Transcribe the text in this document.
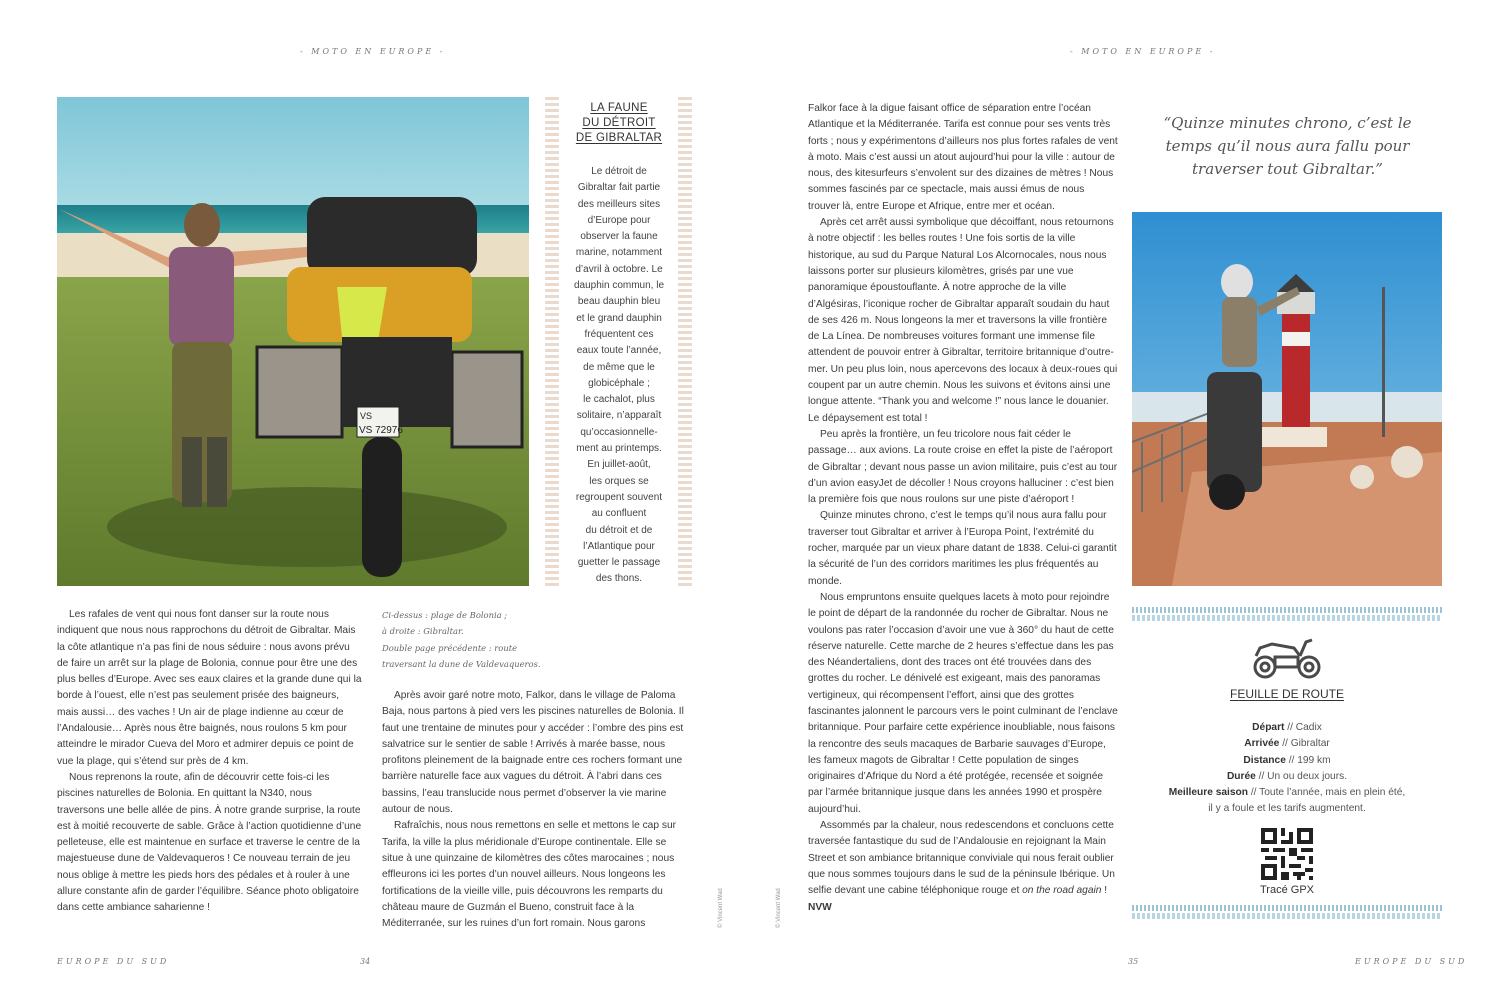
- MOTO EN EUROPE -	- MOTO EN EUROPE -
VS
VS 72976
LA FAUNE
DU DÉTROIT
DE GIBRALTAR
Le détroit de
Gibraltar fait partie
des meilleurs sites
d’Europe pour
observer la faune
marine, notamment
d’avril à octobre. Le
dauphin commun, le
beau dauphin bleu
et le grand dauphin
fréquentent ces
eaux toute l’année,
de même que le
globicéphale ;
le cachalot, plus
solitaire, n’apparaît
qu’occasionnelle-
ment au printemps.
En juillet-août,
les orques se
regroupent souvent
au confluent
du détroit et de
l’Atlantique pour
guetter le passage
des thons.

Les rafales de vent qui nous font danser sur la route nous indiquent que nous nous rapprochons du détroit de Gibraltar. Mais la côte atlantique n’a pas fini de nous séduire : nous avons prévu de faire un arrêt sur la plage de Bolonia, connue pour être une des plus belles d’Europe. Avec ses eaux claires et la grande dune qui la borde à l’ouest, elle n’est pas seulement prisée des baigneurs, mais aussi… des vaches ! Un air de plage indienne au cœur de l’Andalousie… Après nous être baignés, nous roulons 5 km pour atteindre le mirador Cueva del Moro et admirer depuis ce point de vue la plage, qui s’étend sur près de 4 km.

Nous reprenons la route, afin de découvrir cette fois-ci les piscines naturelles de Bolonia. En quittant la N340, nous traversons une belle allée de pins. À notre grande surprise, la route est à moitié recouverte de sable. Grâce à l’action quotidienne d’une pelleteuse, elle est maintenue en surface et traverse le centre de la majestueuse dune de Valdevaqueros ! Ce nouveau terrain de jeu nous oblige à mettre les pieds hors des pédales et à rouler à une allure constante afin de garder l’équilibre. Séance photo obligatoire dans cette ambiance saharienne !

Ci-dessus : plage de Bolonia ;
à droite : Gibraltar.
Double page précédente : route
traversant la dune de Valdevaqueros.

Après avoir garé notre moto, Falkor, dans le village de Paloma Baja, nous partons à pied vers les piscines naturelles de Bolonia. Il faut une trentaine de minutes pour y accéder : l’ombre des pins est salvatrice sur le sentier de sable ! Arrivés à marée basse, nous profitons pleinement de la baignade entre ces rochers formant une barrière naturelle face aux vagues du détroit. À l’abri dans ces bassins, l’eau translucide nous permet d’observer la vie marine autour de nous.

Rafraîchis, nous nous remettons en selle et mettons le cap sur Tarifa, la ville la plus méridionale d’Europe continentale. Elle se situe à une quinzaine de kilomètres des côtes marocaines ; nous effleurons ici les portes d’un nouvel ailleurs. Nous longeons les fortifications de la vieille ville, puis découvrons les remparts du château maure de Guzmán el Bueno, construit face à la Méditerranée, sur les ruines d’un fort romain. Nous garons	© Vincent Wad	© Vincent Wad
EUROPE DU SUD	34

Falkor face à la digue faisant office de séparation entre l’océan Atlantique et la Méditerranée. Tarifa est connue pour ses vents très forts ; nous y expérimentons d’ailleurs nos plus fortes rafales de vent à moto. Mais c’est aussi un atout aujourd’hui pour la ville : autour de nous, des kitesurfeurs s’envolent sur des dizaines de mètres ! Nous sommes fascinés par ce spectacle, mais aussi émus de nous trouver là, entre Europe et Afrique, entre mer et océan.

Après cet arrêt aussi symbolique que décoiffant, nous retournons à notre objectif : les belles routes ! Une fois sortis de la ville historique, au sud du Parque Natural Los Alcornocales, nous nous laissons porter sur plusieurs kilomètres, grisés par une vue panoramique époustouflante. À notre approche de la ville d’Algésiras, l’iconique rocher de Gibraltar apparaît soudain du haut de ses 426 m. Nous longeons la mer et traversons la ville frontière de La Línea. De nombreuses voitures formant une immense file attendent de pouvoir entrer à Gibraltar, territoire britannique d’outre-mer. Un peu plus loin, nous apercevons des locaux à deux-roues qui coupent par un autre chemin. Nous les suivons et évitons ainsi une longue attente. “Thank you and welcome !” nous lance le douanier. Le dépaysement est total !

Peu après la frontière, un feu tricolore nous fait céder le passage… aux avions. La route croise en effet la piste de l’aéroport de Gibraltar ; devant nous passe un avion militaire, puis c’est au tour d’un avion easyJet de décoller ! Nous croyons halluciner : c’est bien la première fois que nous roulons sur une piste d’aéroport !

Quinze minutes chrono, c’est le temps qu’il nous aura fallu pour traverser tout Gibraltar et arriver à l’Europa Point, l’extrémité du rocher, marquée par un vieux phare datant de 1838. Celui-ci garantit la sécurité de l’un des corridors maritimes les plus fréquentés au monde.

Nous empruntons ensuite quelques lacets à moto pour rejoindre le point de départ de la randonnée du rocher de Gibraltar. Nous ne voulons pas rater l’occasion d’avoir une vue à 360° du haut de cette réserve naturelle. Cette marche de 2 heures s’effectue dans les pas des Néandertaliens, dont des traces ont été trouvées dans des grottes du rocher. Le dénivelé est exigeant, mais des panoramas vertigineux, qui récompensent l’effort, ainsi que des grottes fascinantes jalonnent le parcours vers le point culminant de l’enclave britannique. Pour parfaire cette expérience inoubliable, nous faisons la rencontre des seuls macaques de Barbarie sauvages d’Europe, les fameux magots de Gibraltar ! Cette population de singes originaires d’Afrique du Nord a été protégée, recensée et soignée par l’armée britannique jusque dans les années 1990 et prospère aujourd’hui.

Assommés par la chaleur, nous redescendons et concluons cette traversée fantastique du sud de l’Andalousie en rejoignant la Main Street et son ambiance britannique conviviale qui nous ferait oublier que nous sommes toujours dans le sud de la péninsule Ibérique. Un selfie devant une cabine téléphonique rouge et on the road again ! NVW

“Quinze minutes chrono, c’est le temps qu’il nous aura fallu pour traverser tout Gibraltar.”
FEUILLE DE ROUTE
Départ // Cadix
Arrivée // Gibraltar
Distance // 199 km
Durée // Un ou deux jours.
Meilleure saison // Toute l’année, mais en plein été,
il y a foule et les tarifs augmentent.
Tracé GPX
35	EUROPE DU SUD
